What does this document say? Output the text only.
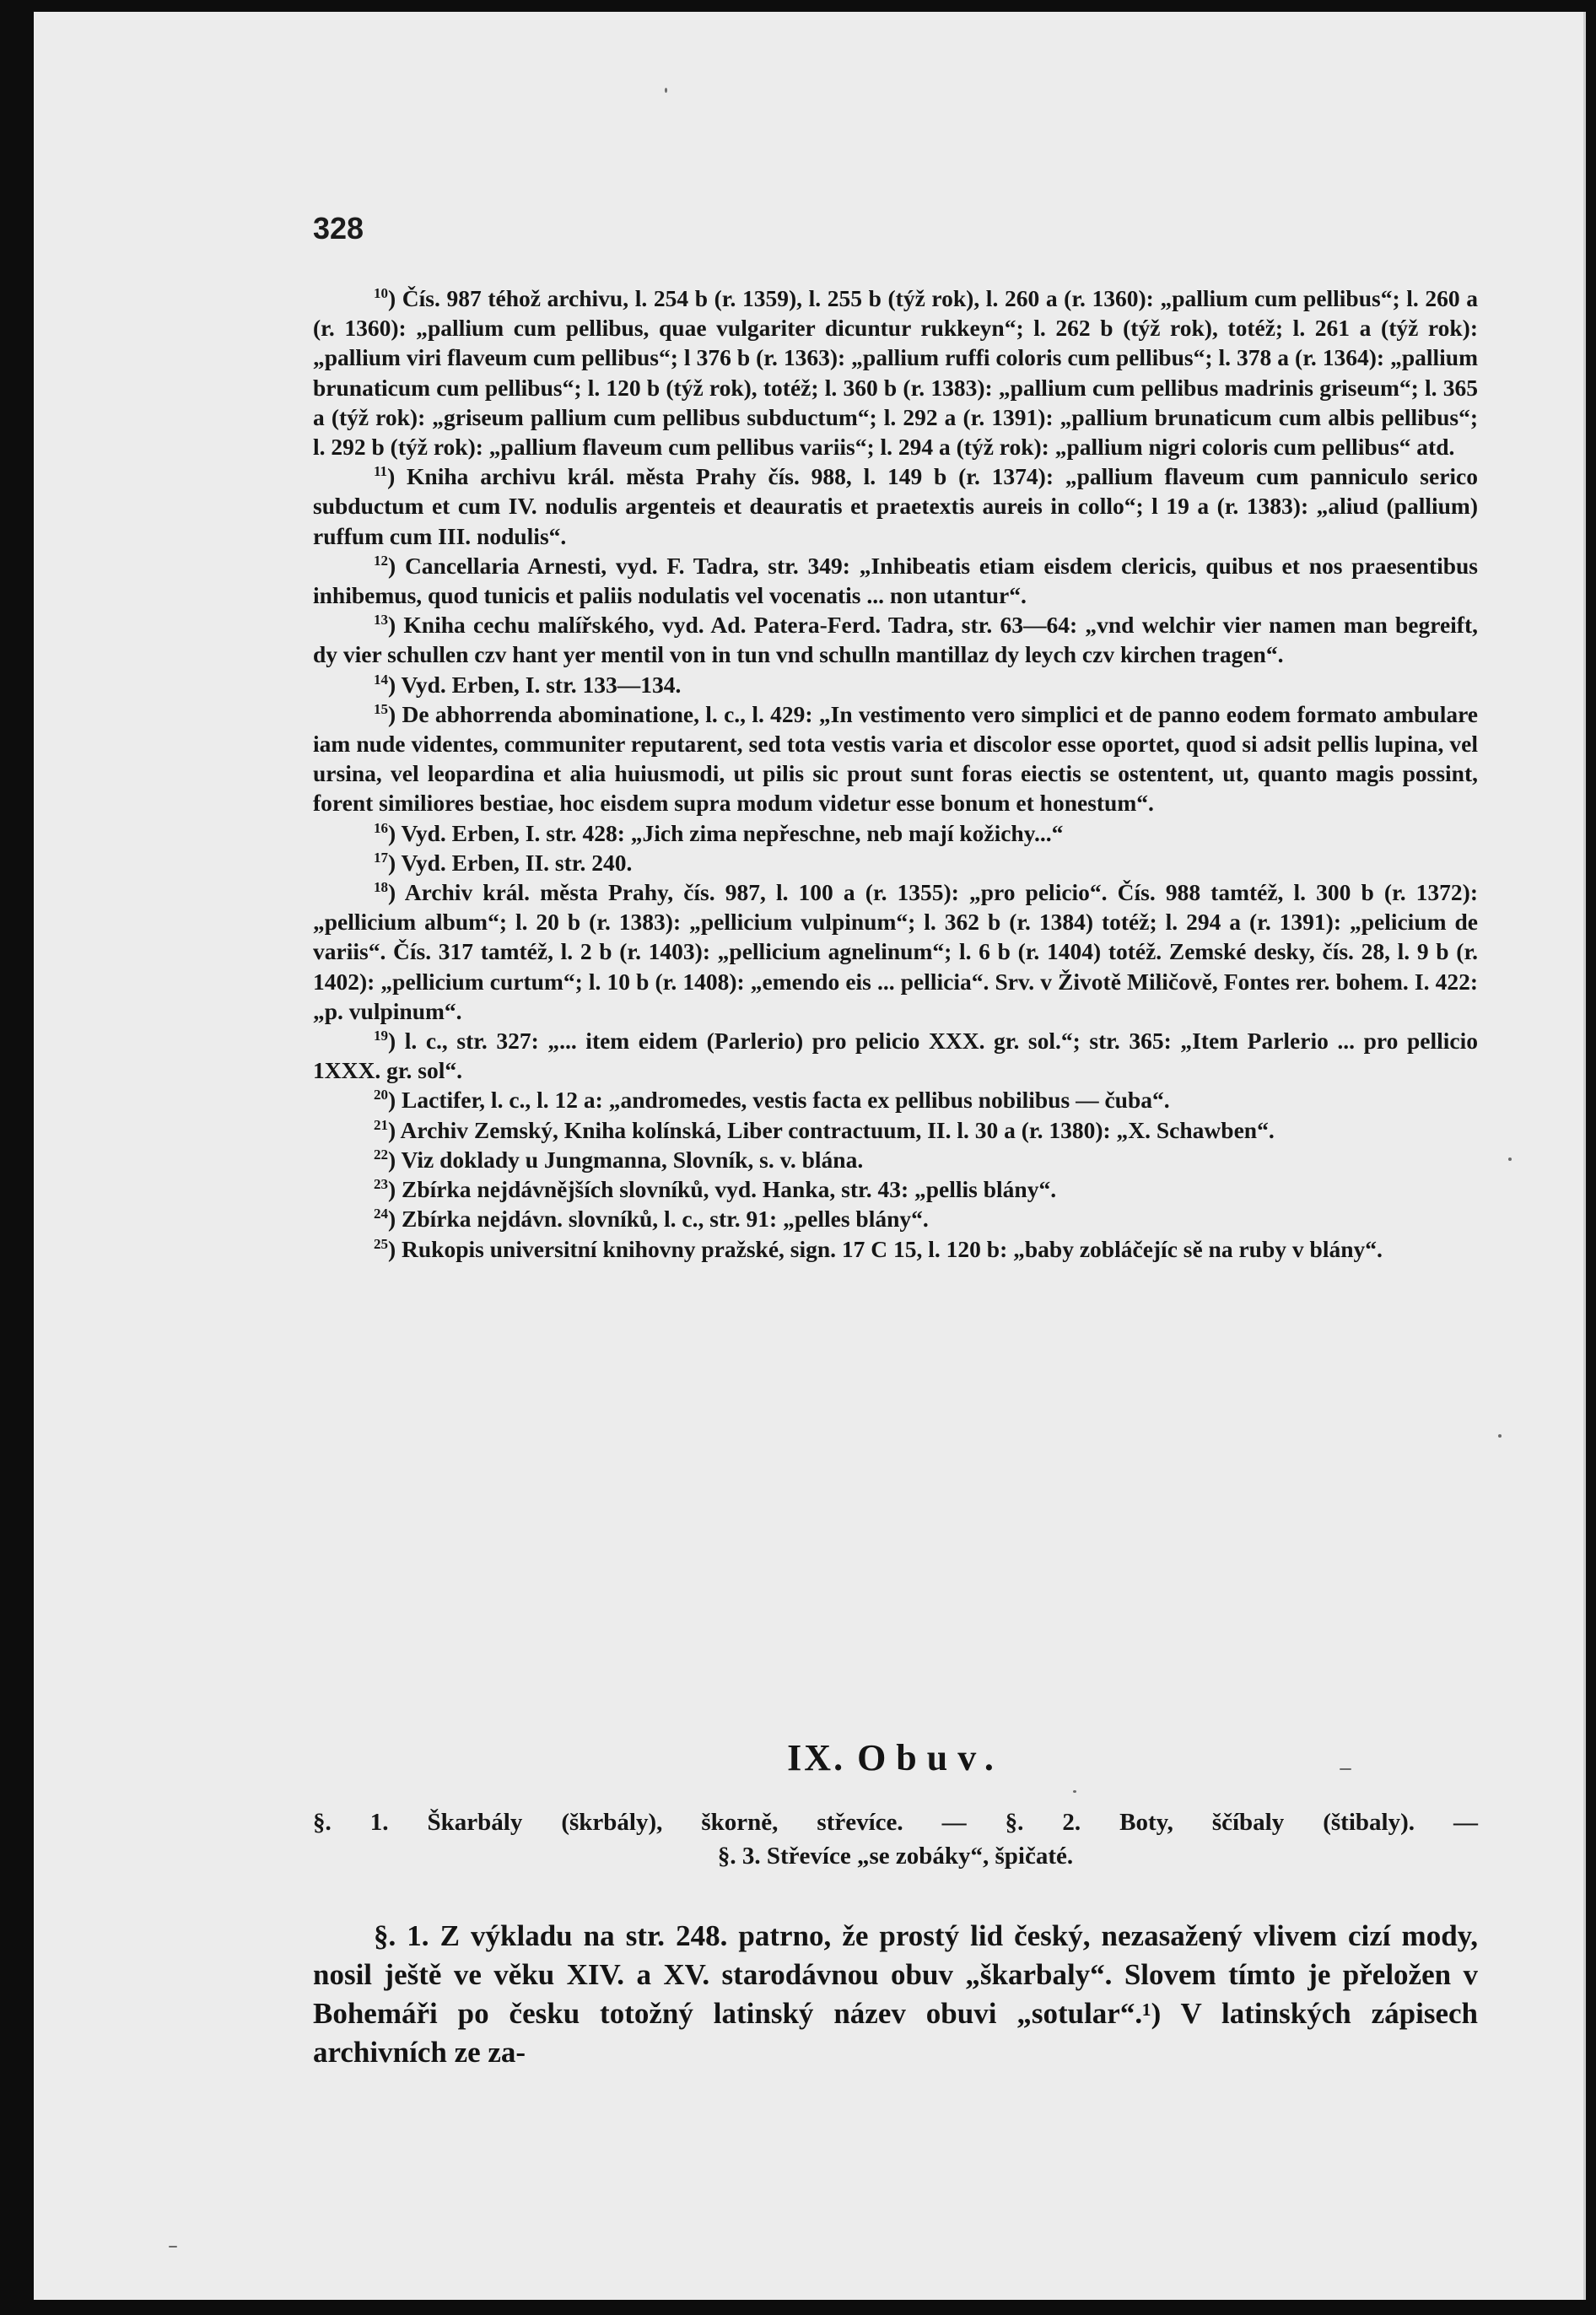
328

$^{10}$) Čís. 987 téhož archivu, l. 254 b (r. 1359), l. 255 b (týž rok), l. 260 a (r. 1360): „pallium cum pellibus“; l. 260 a (r. 1360): „pallium cum pellibus, quae vulgariter dicuntur rukkeyn“; l. 262 b (týž rok), totéž; l. 261 a (týž rok): „pallium viri flaveum cum pellibus“; l 376 b (r. 1363): „pallium ruffi coloris cum pellibus“; l. 378 a (r. 1364): „pallium brunaticum cum pellibus“; l. 120 b (týž rok), totéž; l. 360 b (r. 1383): „pallium cum pellibus madrinis griseum“; l. 365 a (týž rok): „griseum pallium cum pellibus subductum“; l. 292 a (r. 1391): „pallium brunaticum cum albis pellibus“; l. 292 b (týž rok): „pallium flaveum cum pellibus variis“; l. 294 a (týž rok): „pallium nigri coloris cum pellibus“ atd.

$^{11}$) Kniha archivu král. města Prahy čís. 988, l. 149 b (r. 1374): „pallium flaveum cum panniculo serico subductum et cum IV. nodulis argenteis et deauratis et praetextis aureis in collo“; l 19 a (r. 1383): „aliud (pallium) ruffum cum III. nodulis“.

$^{12}$) Cancellaria Arnesti, vyd. F. Tadra, str. 349: „Inhibeatis etiam eisdem clericis, quibus et nos praesentibus inhibemus, quod tunicis et paliis nodulatis vel vocenatis ... non utantur“.

$^{13}$) Kniha cechu malířského, vyd. Ad. Patera-Ferd. Tadra, str. 63—64: „vnd welchir vier namen man begreift, dy vier schullen czv hant yer mentil von in tun vnd schulln mantillaz dy leych czv kirchen tragen“.

$^{14}$) Vyd. Erben, I. str. 133—134.

$^{15}$) De abhorrenda abominatione, l. c., l. 429: „In vestimento vero simplici et de panno eodem formato ambulare iam nude videntes, communiter reputarent, sed tota vestis varia et discolor esse oportet, quod si adsit pellis lupina, vel ursina, vel leopardina et alia huiusmodi, ut pilis sic prout sunt foras eiectis se ostentent, ut, quanto magis possint, forent similiores bestiae, hoc eisdem supra modum videtur esse bonum et honestum“.

$^{16}$) Vyd. Erben, I. str. 428: „Jich zima nepřeschne, neb mají kožichy...“

$^{17}$) Vyd. Erben, II. str. 240.

$^{18}$) Archiv král. města Prahy, čís. 987, l. 100 a (r. 1355): „pro pelicio“. Čís. 988 tamtéž, l. 300 b (r. 1372): „pellicium album“; l. 20 b (r. 1383): „pellicium vulpinum“; l. 362 b (r. 1384) totéž; l. 294 a (r. 1391): „pelicium de variis“. Čís. 317 tamtéž, l. 2 b (r. 1403): „pellicium agnelinum“; l. 6 b (r. 1404) totéž. Zemské desky, čís. 28, l. 9 b (r. 1402): „pellicium curtum“; l. 10 b (r. 1408): „emendo eis ... pellicia“. Srv. v Životě Miličově, Fontes rer. bohem. I. 422: „p. vulpinum“.

$^{19}$) l. c., str. 327: „... item eidem (Parlerio) pro pelicio XXX. gr. sol.“; str. 365: „Item Parlerio ... pro pellicio 1XXX. gr. sol“.

$^{20}$) Lactifer, l. c., l. 12 a: „andromedes, vestis facta ex pellibus nobilibus — čuba“.

$^{21}$) Archiv Zemský, Kniha kolínská, Liber contractuum, II. l. 30 a (r. 1380): „X. Schawben“.

$^{22}$) Viz doklady u Jungmanna, Slovník, s. v. blána.

$^{23}$) Zbírka nejdávnějších slovníků, vyd. Hanka, str. 43: „pellis blány“.

$^{24}$) Zbírka nejdávn. slovníků, l. c., str. 91: „pelles blány“.

$^{25}$) Rukopis universitní knihovny pražské, sign. 17 C 15, l. 120 b: „baby zobláčejíc sě na ruby v blány“.

IX. Obuv.
§. 1. Škarbály (škrbály), škorně, střevíce. — §. 2. Boty, ščíbaly (štibaly). —
§. 3. Střevíce „se zobáky“, špičaté.

§. 1. Z výkladu na str. 248. patrno, že prostý lid český, nezasažený vlivem cizí mody, nosil ještě ve věku XIV. a XV. starodávnou obuv „škarbaly“. Slovem tímto je přeložen v Bohemáři po česku totožný latinský název obuvi „sotular“.¹) V latinských zápisech archivních ze za-
